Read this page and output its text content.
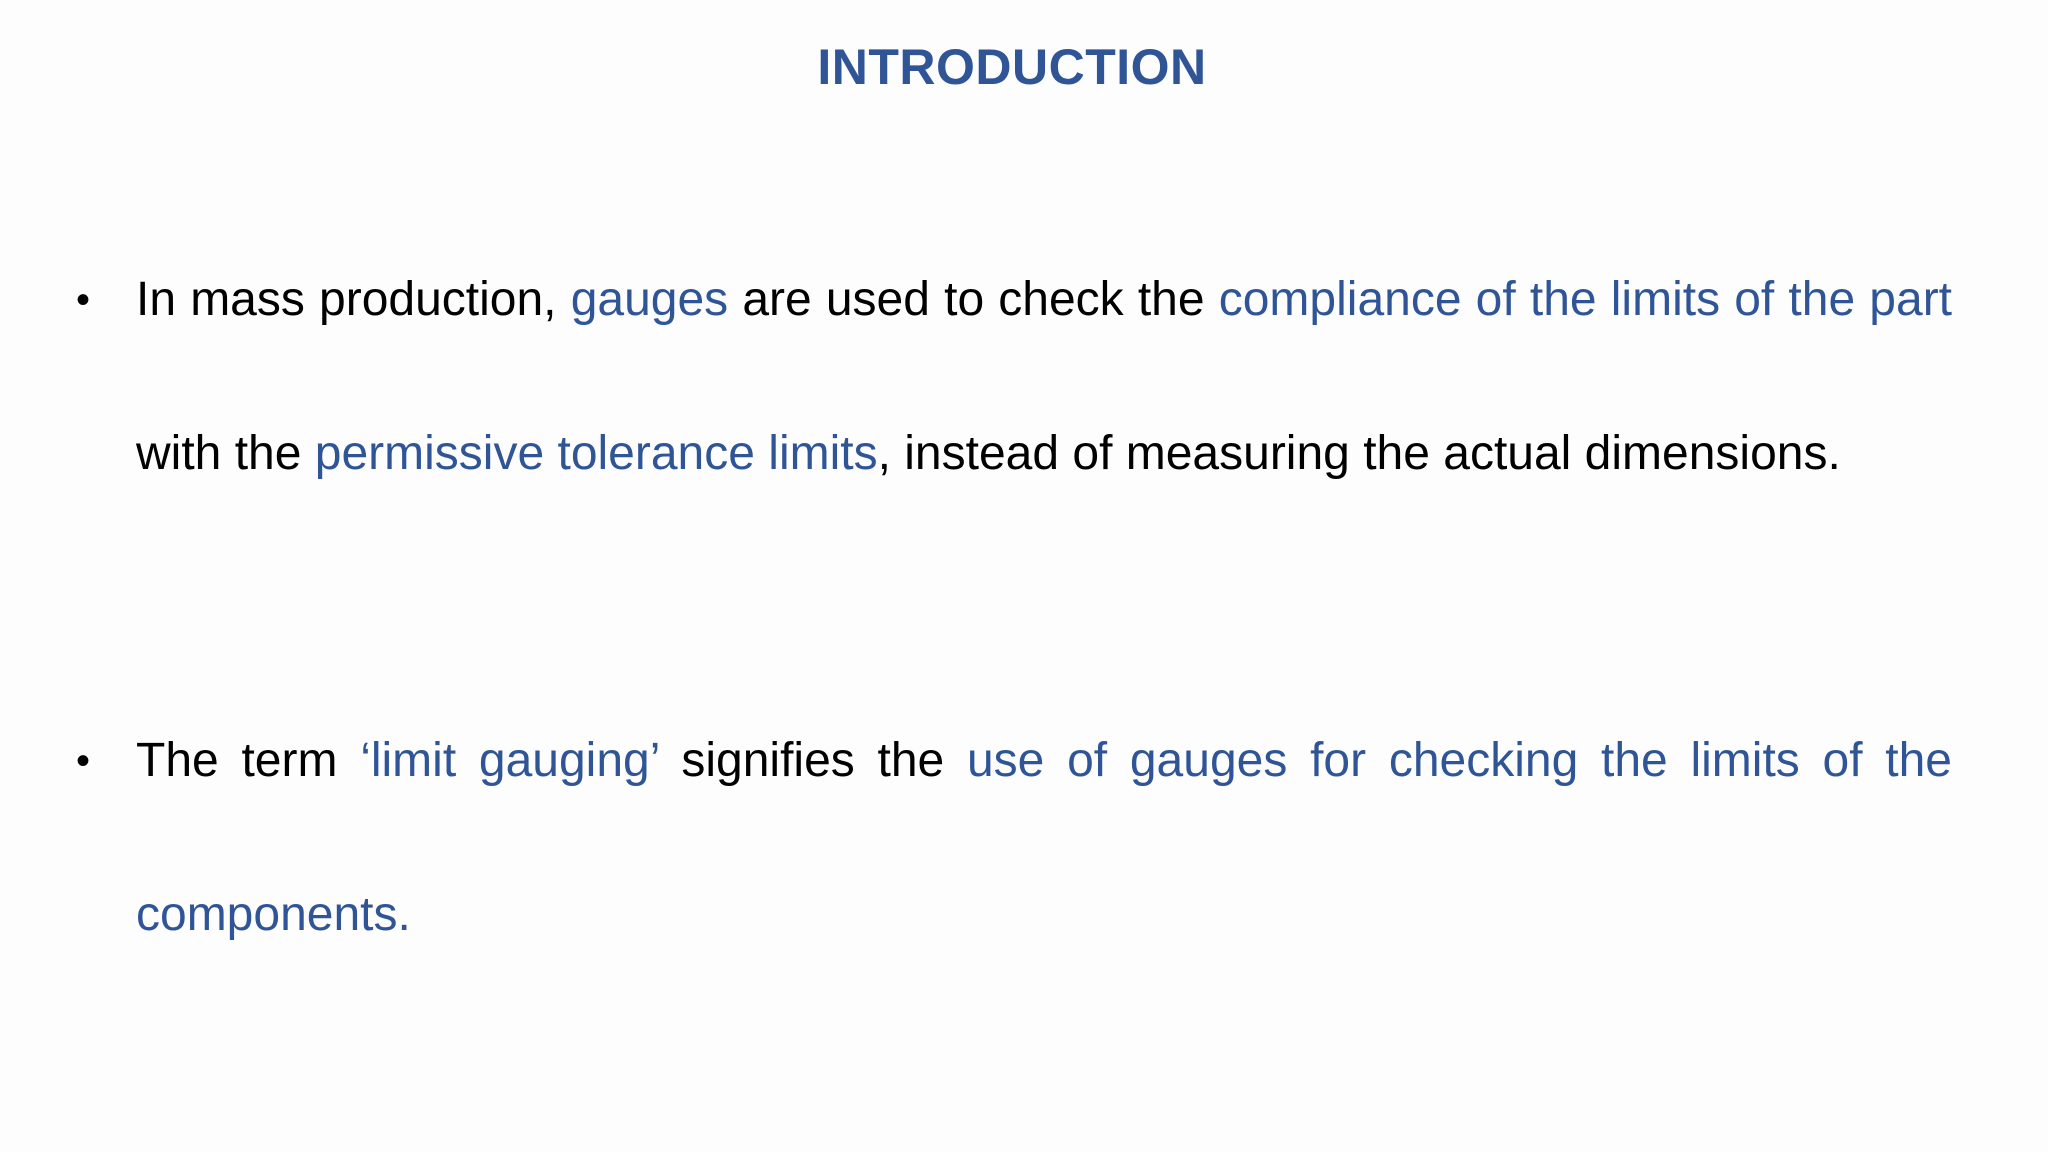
INTRODUCTION
• In mass production, gauges are used to check the compliance of the limits of the part with the permissive tolerance limits, instead of measuring the actual dimensions.
• The term ‘limit gauging’ signifies the use of gauges for checking the limits of the components.
